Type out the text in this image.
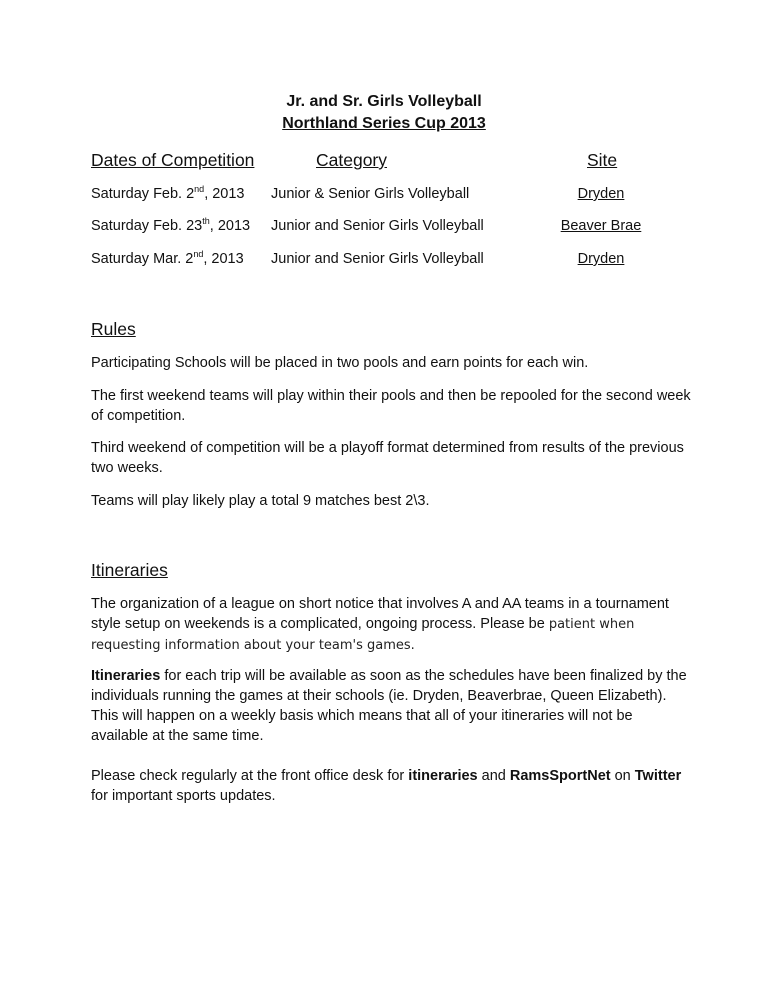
Jr. and Sr. Girls Volleyball
Northland Series Cup 2013
Dates of Competition	Category	Site
Saturday Feb. 2nd, 2013 Junior & Senior Girls Volleyball	Dryden
Saturday Feb. 23th, 2013 Junior and Senior Girls Volleyball	Beaver Brae
Saturday Mar. 2nd, 2013 Junior and Senior Girls Volleyball	Dryden
Rules
Participating Schools will be placed in two pools and earn points for each win.
The first weekend teams will play within their pools and then be repooled for the second week of competition.
Third weekend of competition will be a playoff format determined from results of the previous two weeks.
Teams will play likely play a total 9 matches best 2\3.
Itineraries
The organization of a league on short notice that involves A and AA teams in a tournament style setup on weekends is a complicated, ongoing process. Please be patient when requesting information about your team's games.
Itineraries for each trip will be available as soon as the schedules have been finalized by the individuals running the games at their schools (ie. Dryden, Beaverbrae, Queen Elizabeth). This will happen on a weekly basis which means that all of your itineraries will not be available at the same time.
Please check regularly at the front office desk for itineraries and RamsSportNet on Twitter for important sports updates.
